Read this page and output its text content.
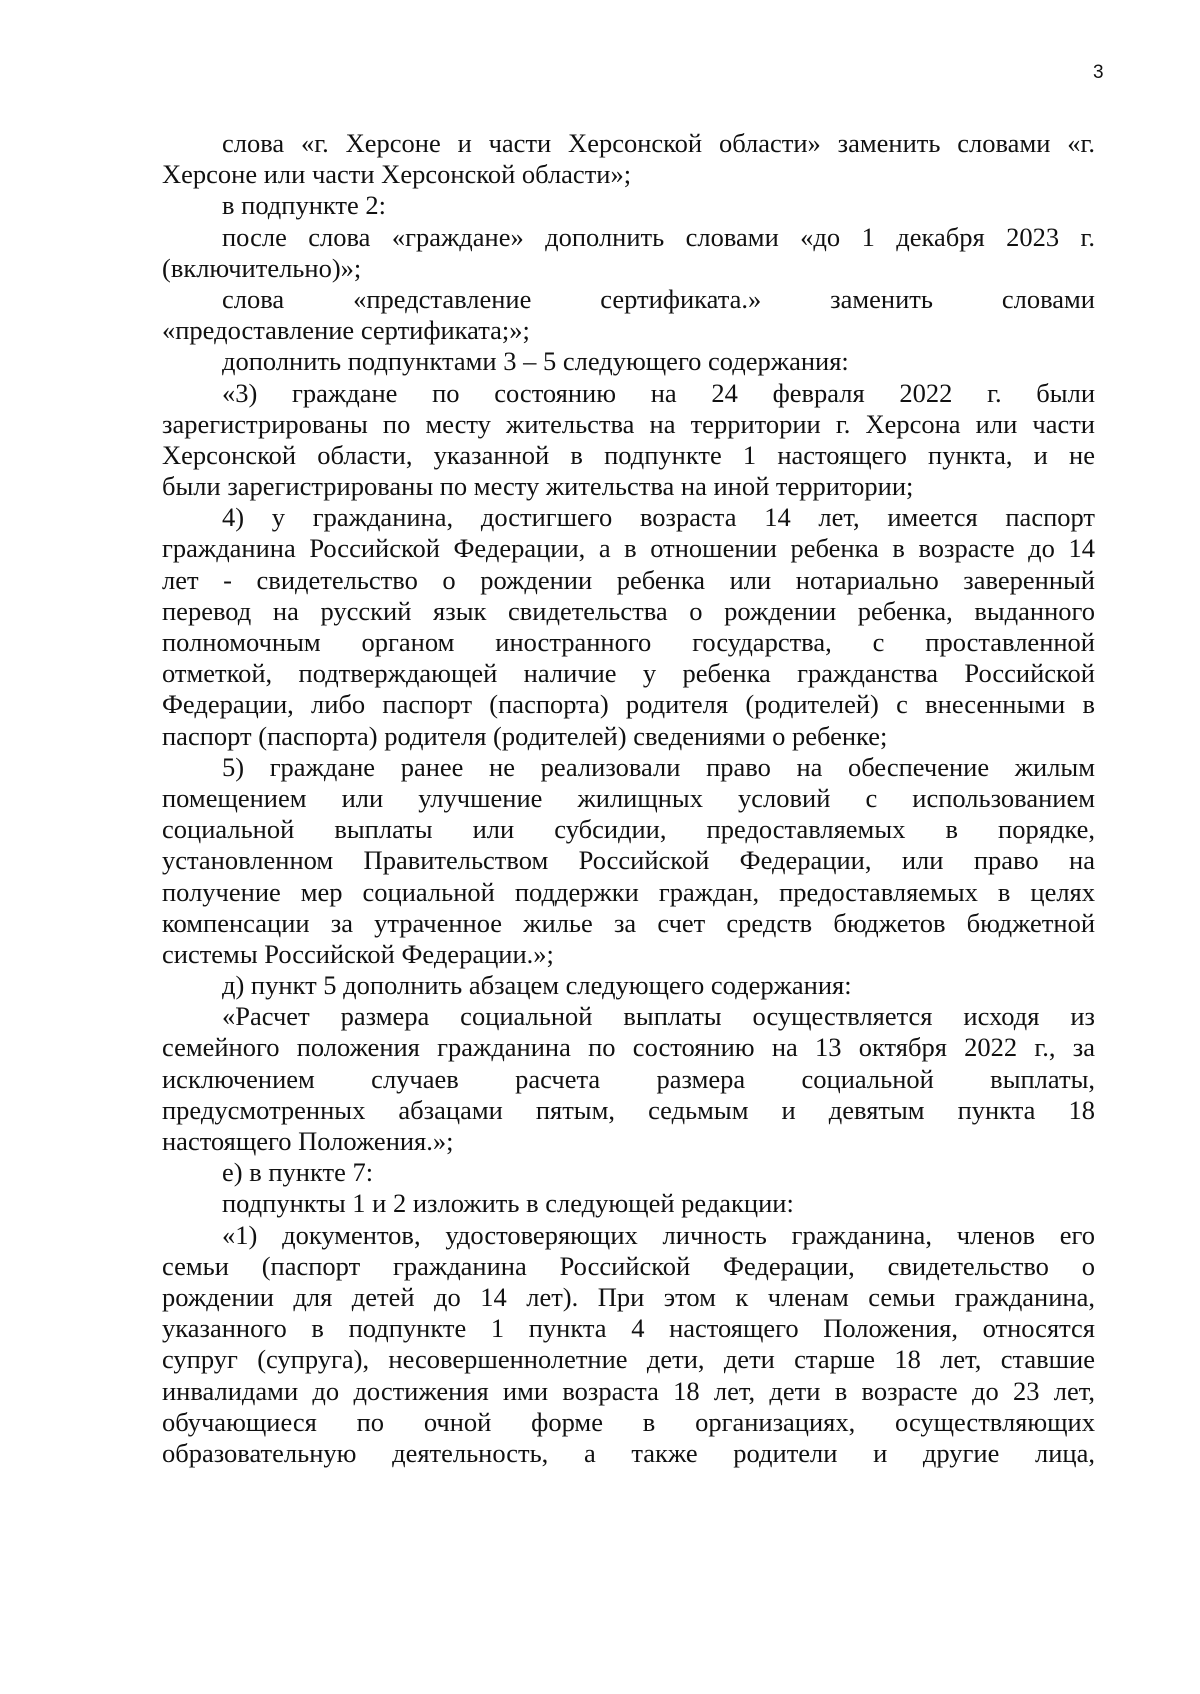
3
слова «г. Херсоне и части Херсонской области» заменить словами «г.
Херсоне или части Херсонской области»;
в подпункте 2:
после слова «граждане» дополнить словами «до 1 декабря 2023 г.
(включительно)»;
слова «представление сертификата.» заменить словами
«предоставление сертификата;»;
дополнить подпунктами 3 – 5 следующего содержания:
«3) граждане по состоянию на 24 февраля 2022 г. были
зарегистрированы по месту жительства на территории г. Херсона или части
Херсонской области, указанной в подпункте 1 настоящего пункта, и не
были зарегистрированы по месту жительства на иной территории;
4) у гражданина, достигшего возраста 14 лет, имеется паспорт
гражданина Российской Федерации, а в отношении ребенка в возрасте до 14
лет - свидетельство о рождении ребенка или нотариально заверенный
перевод на русский язык свидетельства о рождении ребенка, выданного
полномочным органом иностранного государства, с проставленной
отметкой, подтверждающей наличие у ребенка гражданства Российской
Федерации, либо паспорт (паспорта) родителя (родителей) с внесенными в
паспорт (паспорта) родителя (родителей) сведениями о ребенке;
5) граждане ранее не реализовали право на обеспечение жилым
помещением или улучшение жилищных условий с использованием
социальной выплаты или субсидии, предоставляемых в порядке,
установленном Правительством Российской Федерации, или право на
получение мер социальной поддержки граждан, предоставляемых в целях
компенсации за утраченное жилье за счет средств бюджетов бюджетной
системы Российской Федерации.»;
д) пункт 5 дополнить абзацем следующего содержания:
«Расчет размера социальной выплаты осуществляется исходя из
семейного положения гражданина по состоянию на 13 октября 2022 г., за
исключением случаев расчета размера социальной выплаты,
предусмотренных абзацами пятым, седьмым и девятым пункта 18
настоящего Положения.»;
е) в пункте 7:
подпункты 1 и 2 изложить в следующей редакции:
«1) документов, удостоверяющих личность гражданина, членов его
семьи (паспорт гражданина Российской Федерации, свидетельство о
рождении для детей до 14 лет). При этом к членам семьи гражданина,
указанного в подпункте 1 пункта 4 настоящего Положения, относятся
супруг (супруга), несовершеннолетние дети, дети старше 18 лет, ставшие
инвалидами до достижения ими возраста 18 лет, дети в возрасте до 23 лет,
обучающиеся по очной форме в организациях, осуществляющих
образовательную деятельность, а также родители и другие лица,
